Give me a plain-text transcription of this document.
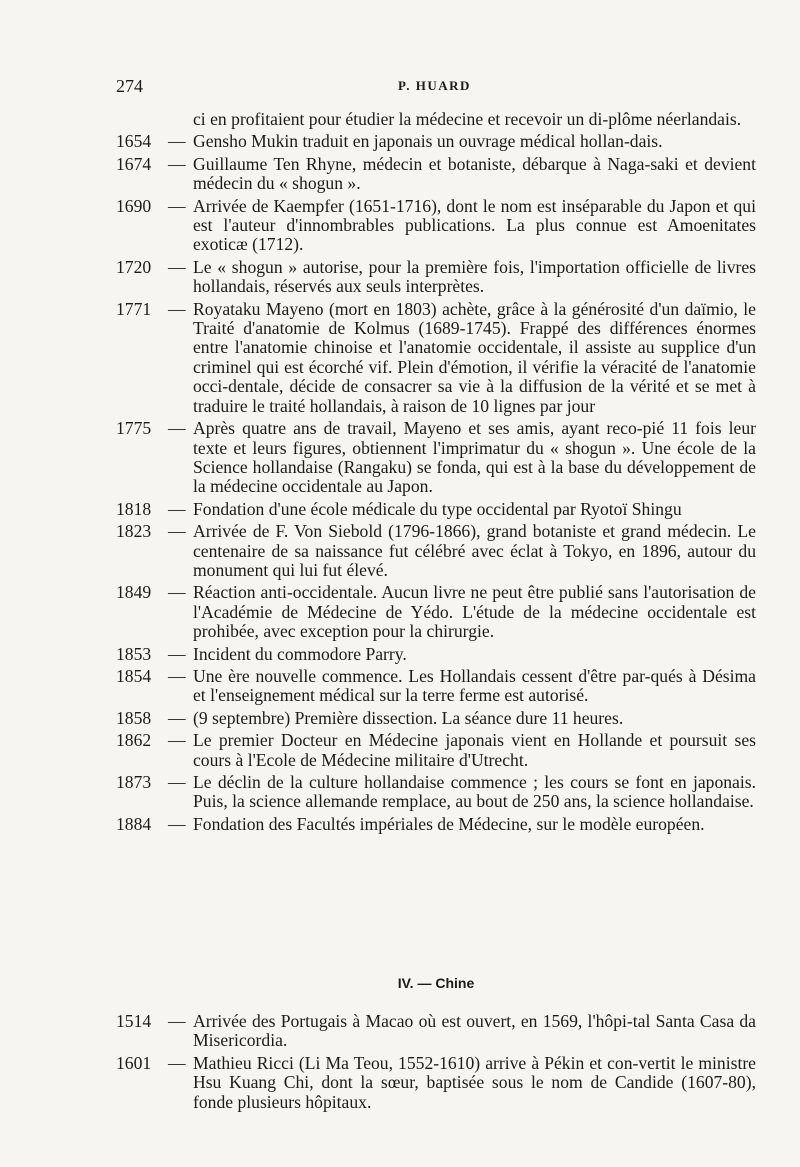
274	P. HUARD
ci en profitaient pour étudier la médecine et recevoir un di-plôme néerlandais.
1654 — Gensho Mukin traduit en japonais un ouvrage médical hollan-dais.
1674 — Guillaume Ten Rhyne, médecin et botaniste, débarque à Naga-saki et devient médecin du « shogun ».
1690 — Arrivée de Kaempfer (1651-1716), dont le nom est inséparable du Japon et qui est l'auteur d'innombrables publications. La plus connue est Amoenitates exoticæ (1712).
1720 — Le « shogun » autorise, pour la première fois, l'importation officielle de livres hollandais, réservés aux seuls interprètes.
1771 — Royataku Mayeno (mort en 1803) achète, grâce à la générosité d'un daïmio, le Traité d'anatomie de Kolmus (1689-1745). Frappé des différences énormes entre l'anatomie chinoise et l'anatomie occidentale, il assiste au supplice d'un criminel qui est écorché vif. Plein d'émotion, il vérifie la véracité de l'anatomie occi-dentale, décide de consacrer sa vie à la diffusion de la vérité et se met à traduire le traité hollandais, à raison de 10 lignes par jour
1775 — Après quatre ans de travail, Mayeno et ses amis, ayant reco-pié 11 fois leur texte et leurs figures, obtiennent l'imprimatur du « shogun ». Une école de la Science hollandaise (Rangaku) se fonda, qui est à la base du développement de la médecine occidentale au Japon.
1818 — Fondation d'une école médicale du type occidental par Ryotoï Shingu
1823 — Arrivée de F. Von Siebold (1796-1866), grand botaniste et grand médecin. Le centenaire de sa naissance fut célébré avec éclat à Tokyo, en 1896, autour du monument qui lui fut élevé.
1849 — Réaction anti-occidentale. Aucun livre ne peut être publié sans l'autorisation de l'Académie de Médecine de Yédo. L'étude de la médecine occidentale est prohibée, avec exception pour la chirurgie.
1853 — Incident du commodore Parry.
1854 — Une ère nouvelle commence. Les Hollandais cessent d'être par-qués à Désima et l'enseignement médical sur la terre ferme est autorisé.
1858 — (9 septembre) Première dissection. La séance dure 11 heures.
1862 — Le premier Docteur en Médecine japonais vient en Hollande et poursuit ses cours à l'Ecole de Médecine militaire d'Utrecht.
1873 — Le déclin de la culture hollandaise commence ; les cours se font en japonais. Puis, la science allemande remplace, au bout de 250 ans, la science hollandaise.
1884 — Fondation des Facultés impériales de Médecine, sur le modèle européen.
IV. — Chine
1514 — Arrivée des Portugais à Macao où est ouvert, en 1569, l'hôpi-tal Santa Casa da Misericordia.
1601 — Mathieu Ricci (Li Ma Teou, 1552-1610) arrive à Pékin et con-vertit le ministre Hsu Kuang Chi, dont la sœur, baptisée sous le nom de Candide (1607-80), fonde plusieurs hôpitaux.
